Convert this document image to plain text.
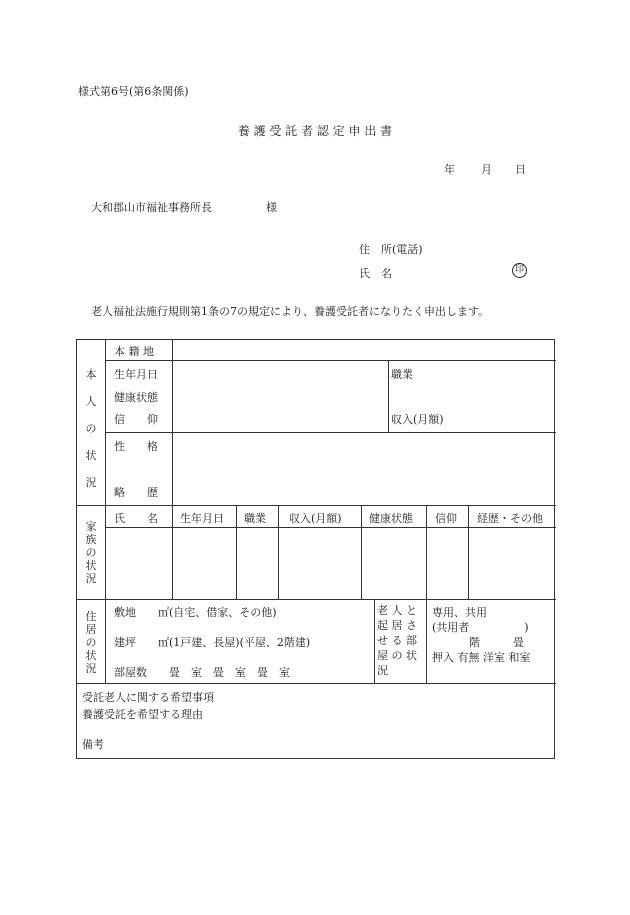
様式第6号(第6条関係)
養 護 受 託 者 認 定 申 出 書
年 月 日
大和郡山市福祉事務所長	様
住　所(電話)
氏　名	印
老人福祉法施行規則第1条の7の規定により、養護受託者になりたく申出します。
本
人
の
状
況
本 籍 地
生年月日
健康状態
信　　仰
職業
収入(月額)
性　　格
略　　歴
家
族
の
状
況
氏　　名 生年月日 職業 収入(月額) 健康状態 信仰 経歴・その他
住
居
の
状
況
敷地　　㎡(自宅、借家、その他)
建坪　　㎡(1戸建、長屋)(平屋、2階建)
部屋数　　畳　室　畳　室　畳　室
老 人 と
起 居 さ
せ る 部
屋 の 状
況
専用、共用
(共用者　　　　　)
階　　　畳
押入 有無 洋室 和室
受託老人に関する希望事項
養護受託を希望する理由
備考
